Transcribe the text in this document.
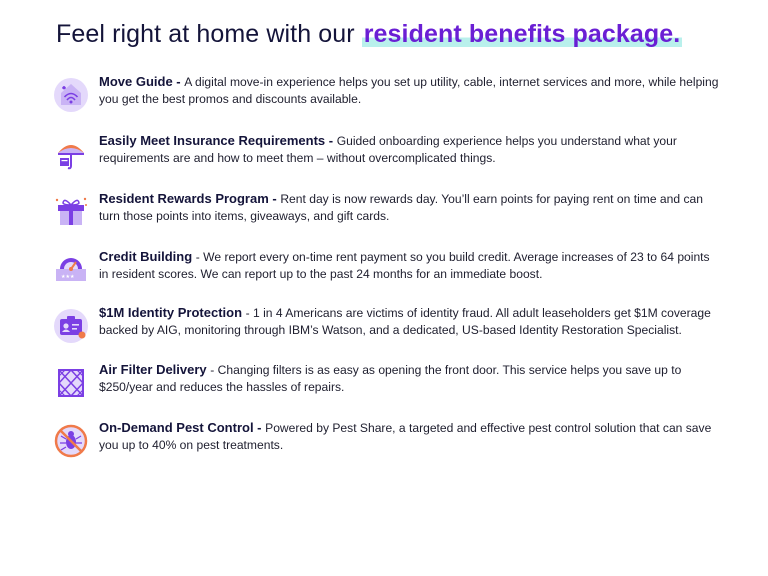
Feel right at home with our resident benefits package.
Move Guide - A digital move-in experience helps you set up utility, cable, internet services and more, while helping you get the best promos and discounts available.
Easily Meet Insurance Requirements - Guided onboarding experience helps you understand what your requirements are and how to meet them – without overcomplicated things.
Resident Rewards Program - Rent day is now rewards day. You’ll earn points for paying rent on time and can turn those points into items, giveaways, and gift cards.
★★★
Credit Building - We report every on-time rent payment so you build credit. Average increases of 23 to 64 points in resident scores. We can report up to the past 24 months for an immediate boost.
$1M Identity Protection - 1 in 4 Americans are victims of identity fraud. All adult leaseholders get $1M coverage backed by AIG, monitoring through IBM’s Watson, and a dedicated, US-based Identity Restoration Specialist.
Air Filter Delivery - Changing filters is as easy as opening the front door. This service helps you save up to $250/year and reduces the hassles of repairs.
On-Demand Pest Control - Powered by Pest Share, a targeted and effective pest control solution that can save you up to 40% on pest treatments.
